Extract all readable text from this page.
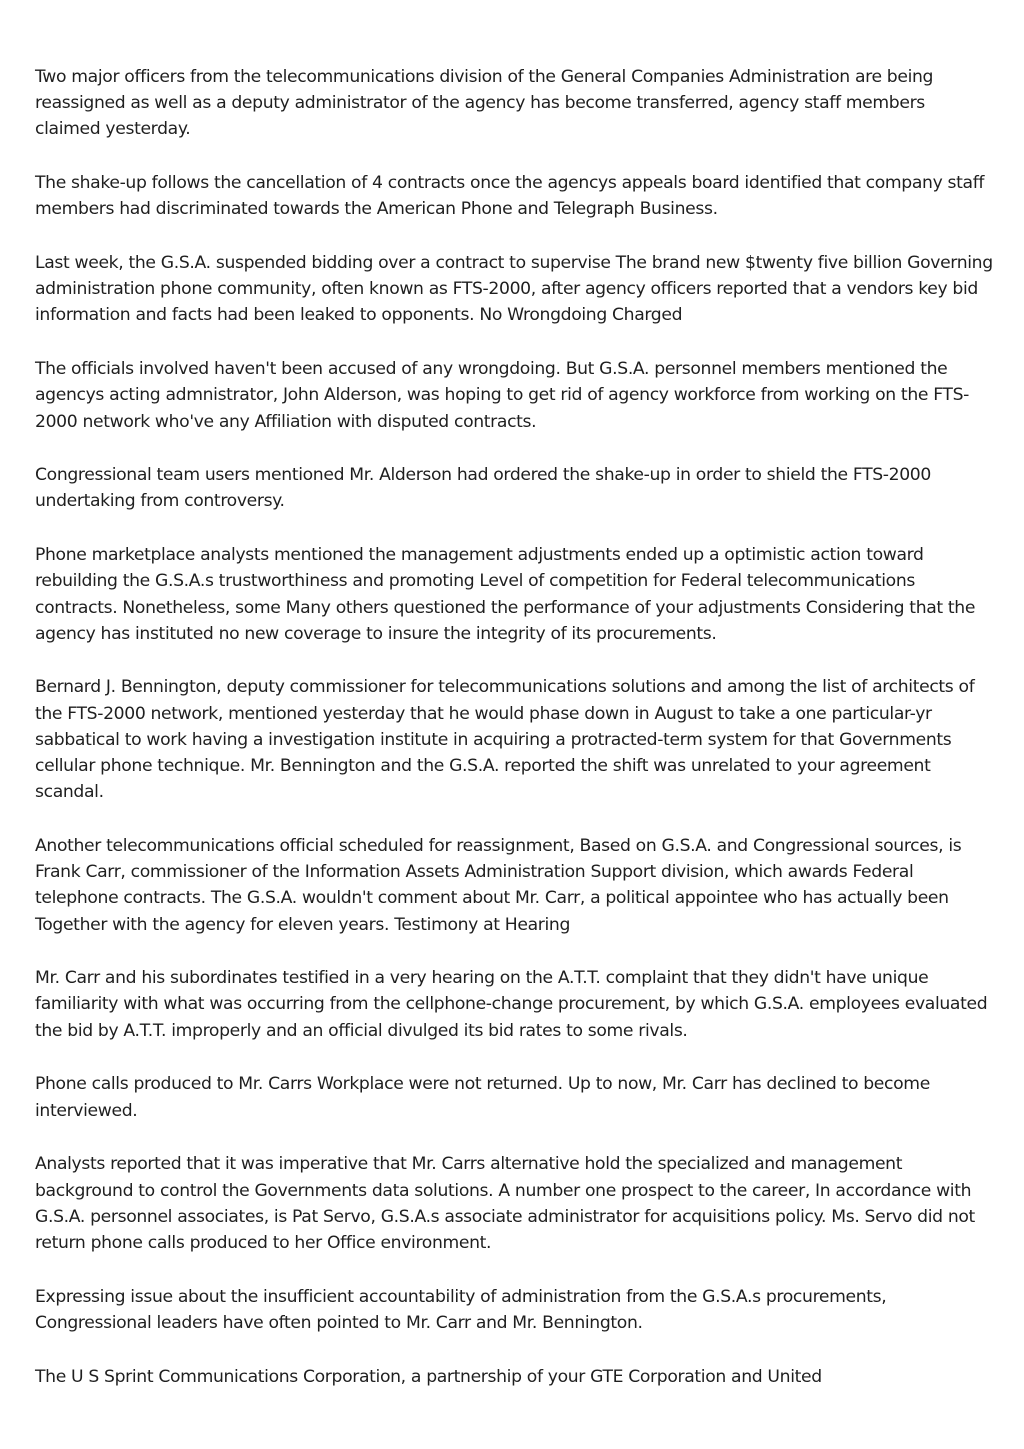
Two major officers from the telecommunications division of the General Companies Administration are being reassigned as well as a deputy administrator of the agency has become transferred, agency staff members claimed yesterday.

The shake-up follows the cancellation of 4 contracts once the agencys appeals board identified that company staff members had discriminated towards the American Phone and Telegraph Business.

Last week, the G.S.A. suspended bidding over a contract to supervise The brand new $twenty five billion Governing administration phone community, often known as FTS-2000, after agency officers reported that a vendors key bid information and facts had been leaked to opponents. No Wrongdoing Charged

The officials involved haven't been accused of any wrongdoing. But G.S.A. personnel members mentioned the agencys acting admnistrator, John Alderson, was hoping to get rid of agency workforce from working on the FTS-2000 network who've any Affiliation with disputed contracts.

Congressional team users mentioned Mr. Alderson had ordered the shake-up in order to shield the FTS-2000 undertaking from controversy.

Phone marketplace analysts mentioned the management adjustments ended up a optimistic action toward rebuilding the G.S.A.s trustworthiness and promoting Level of competition for Federal telecommunications contracts. Nonetheless, some Many others questioned the performance of your adjustments Considering that the agency has instituted no new coverage to insure the integrity of its procurements.

Bernard J. Bennington, deputy commissioner for telecommunications solutions and among the list of architects of the FTS-2000 network, mentioned yesterday that he would phase down in August to take a one particular-yr sabbatical to work having a investigation institute in acquiring a protracted-term system for that Governments cellular phone technique. Mr. Bennington and the G.S.A. reported the shift was unrelated to your agreement scandal.

Another telecommunications official scheduled for reassignment, Based on G.S.A. and Congressional sources, is Frank Carr, commissioner of the Information Assets Administration Support division, which awards Federal telephone contracts. The G.S.A. wouldn't comment about Mr. Carr, a political appointee who has actually been Together with the agency for eleven years. Testimony at Hearing

Mr. Carr and his subordinates testified in a very hearing on the A.T.T. complaint that they didn't have unique familiarity with what was occurring from the cellphone-change procurement, by which G.S.A. employees evaluated the bid by A.T.T. improperly and an official divulged its bid rates to some rivals.

Phone calls produced to Mr. Carrs Workplace were not returned. Up to now, Mr. Carr has declined to become interviewed.

Analysts reported that it was imperative that Mr. Carrs alternative hold the specialized and management background to control the Governments data solutions. A number one prospect to the career, In accordance with G.S.A. personnel associates, is Pat Servo, G.S.A.s associate administrator for acquisitions policy. Ms. Servo did not return phone calls produced to her Office environment.

Expressing issue about the insufficient accountability of administration from the G.S.A.s procurements, Congressional leaders have often pointed to Mr. Carr and Mr. Bennington.

The U S Sprint Communications Corporation, a partnership of your GTE Corporation and United
